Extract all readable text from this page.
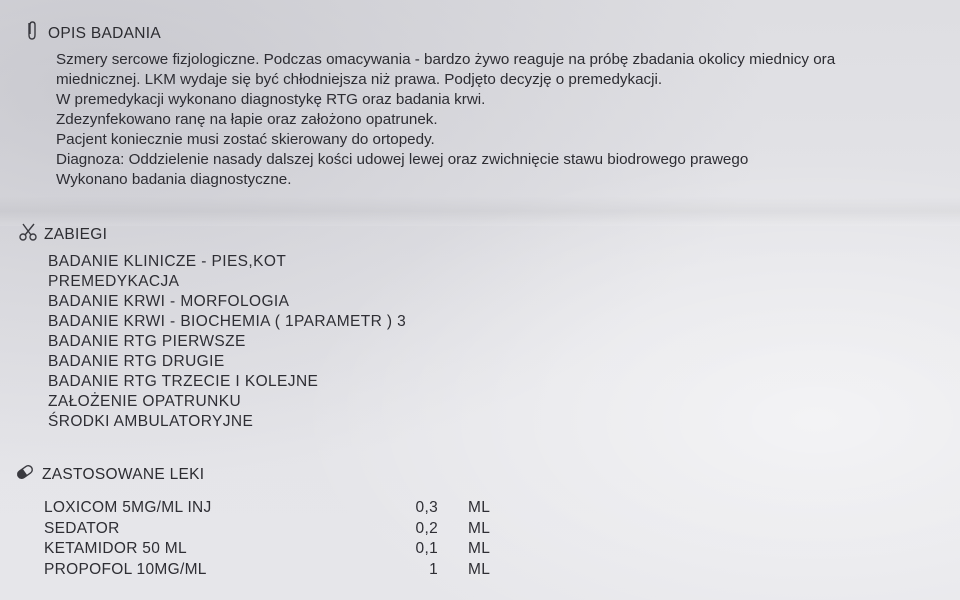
OPIS BADANIA
Szmery sercowe fizjologiczne. Podczas omacywania - bardzo żywo reaguje na próbę zbadania okolicy miednicy ora
miednicznej. LKM wydaje się być chłodniejsza niż prawa. Podjęto decyzję o premedykacji.
W premedykacji wykonano diagnostykę RTG oraz badania krwi.
Zdezynfekowano ranę na łapie oraz założono opatrunek.
Pacjent koniecznie musi zostać skierowany do ortopedy.
Diagnoza: Oddzielenie nasady dalszej kości udowej lewej oraz zwichnięcie stawu biodrowego prawego
Wykonano badania diagnostyczne.
ZABIEGI
BADANIE KLINICZE - PIES,KOT
PREMEDYKACJA
BADANIE KRWI - MORFOLOGIA
BADANIE KRWI - BIOCHEMIA ( 1PARAMETR ) 3
BADANIE RTG PIERWSZE
BADANIE RTG DRUGIE
BADANIE RTG TRZECIE I KOLEJNE
ZAŁOŻENIE OPATRUNKU
ŚRODKI AMBULATORYJNE
ZASTOSOWANE LEKI
LOXICOM 5MG/ML INJ	0,3 ML
SEDATOR	0,2 ML
KETAMIDOR 50 ML	0,1 ML
PROPOFOL 10MG/ML	1 ML
